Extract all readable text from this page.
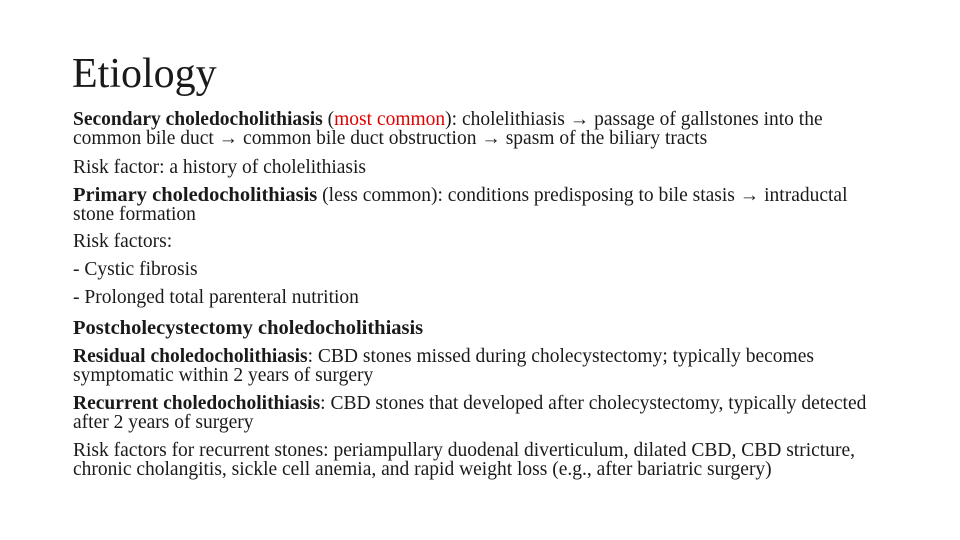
Etiology

Secondary choledocholithiasis (most common): cholelithiasis → passage of gallstones into the common bile duct → common bile duct obstruction → spasm of the biliary tracts

Risk factor: a history of cholelithiasis

Primary choledocholithiasis (less common): conditions predisposing to bile stasis → intraductal stone formation

Risk factors:

- Cystic fibrosis

- Prolonged total parenteral nutrition

Postcholecystectomy choledocholithiasis

Residual choledocholithiasis: CBD stones missed during cholecystectomy; typically becomes symptomatic within 2 years of surgery

Recurrent choledocholithiasis: CBD stones that developed after cholecystectomy, typically detected after 2 years of surgery

Risk factors for recurrent stones: periampullary duodenal diverticulum, dilated CBD, CBD stricture, chronic cholangitis, sickle cell anemia, and rapid weight loss (e.g., after bariatric surgery)
